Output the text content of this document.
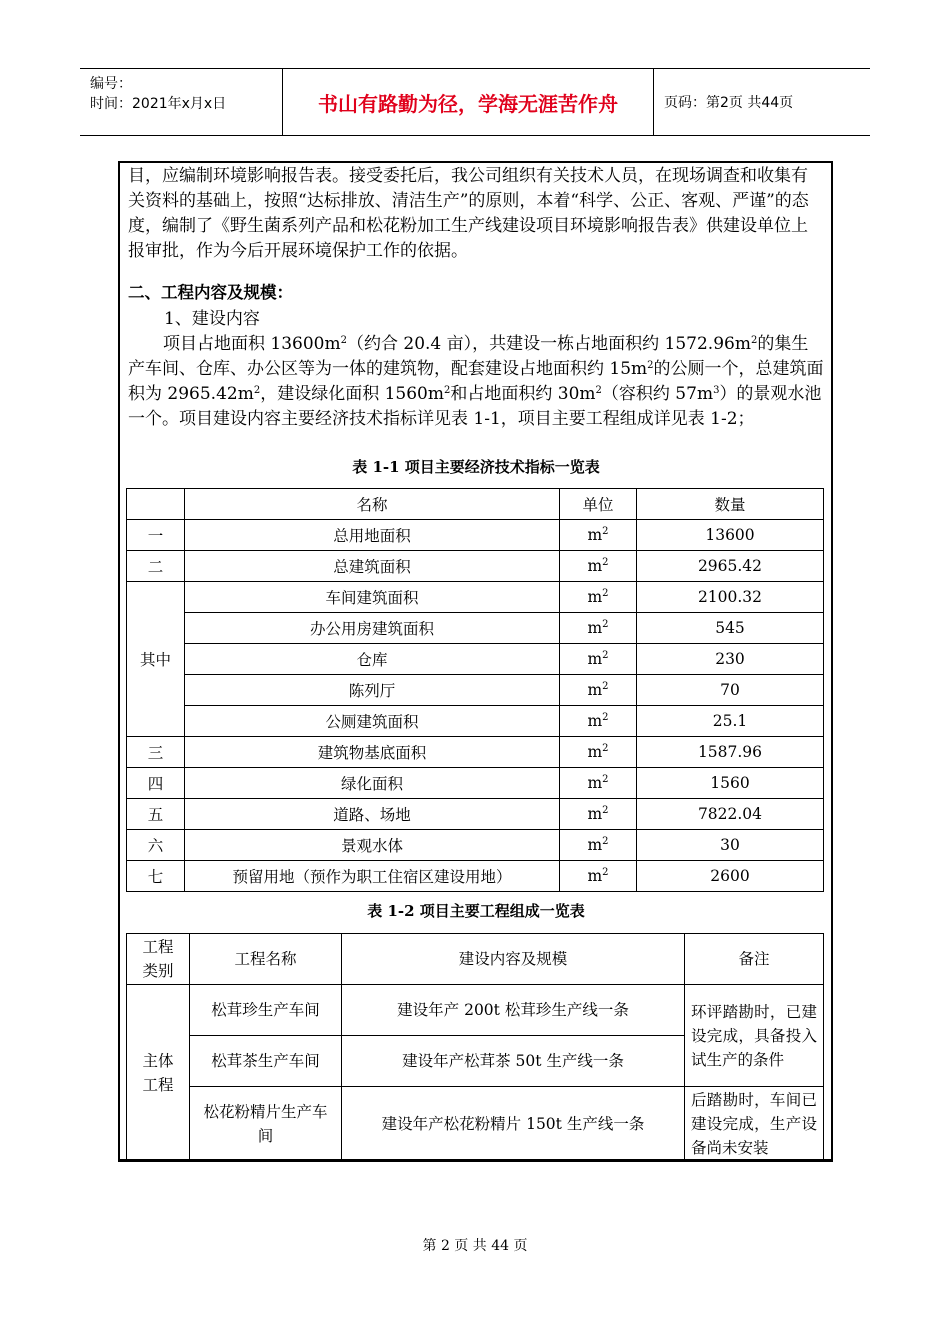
编号：
时间：2021年x月x日	书山有路勤为径，学海无涯苦作舟	页码：第2页 共44页
目，应编制环境影响报告表。接受委托后，我公司组织有关技术人员，在现场调查和收集有关资料的基础上，按照“达标排放、清洁生产”的原则，本着“科学、公正、客观、严谨”的态度，编制了《野生菌系列产品和松花粉加工生产线建设项目环境影响报告表》供建设单位上报审批，作为今后开展环境保护工作的依据。
二、工程内容及规模：
1、建设内容
项目占地面积 $13600m^2$（约合 20.4 亩），共建设一栋占地面积约 $1572.96m^2$的集生产车间、仓库、办公区等为一体的建筑物，配套建设占地面积约 $15m^2$的公厕一个，总建筑面积为 $2965.42m^2$，建设绿化面积 $1560m^2$和占地面积约 $30m^2$（容积约 $57m^3$）的景观水池一个。项目建设内容主要经济技术指标详见表 1-1，项目主要工程组成详见表 1-2；
表 1-1 项目主要经济技术指标一览表
	名称	单位	数量
一	总用地面积	$m^2$	13600
二	总建筑面积	$m^2$	2965.42
其中	车间建筑面积	$m^2$	2100.32
	办公用房建筑面积	$m^2$	545
	仓库	$m^2$	230
	陈列厅	$m^2$	70
	公厕建筑面积	$m^2$	25.1
三	建筑物基底面积	$m^2$	1587.96
四	绿化面积	$m^2$	1560
五	道路、场地	$m^2$	7822.04
六	景观水体	$m^2$	30
七	预留用地（预作为职工住宿区建设用地）	$m^2$	2600
表 1-2 项目主要工程组成一览表
工程类别	工程名称	建设内容及规模	备注
主体工程	松茸珍生产车间	建设年产 200t 松茸珍生产线一条	环评踏勘时，已建设完成，具备投入试生产的条件
	松茸茶生产车间	建设年产松茸茶 50t 生产线一条	
	松花粉精片生产车间	建设年产松花粉精片 150t 生产线一条	后踏勘时，车间已建设完成，生产设备尚未安装
第 2 页 共 44 页
